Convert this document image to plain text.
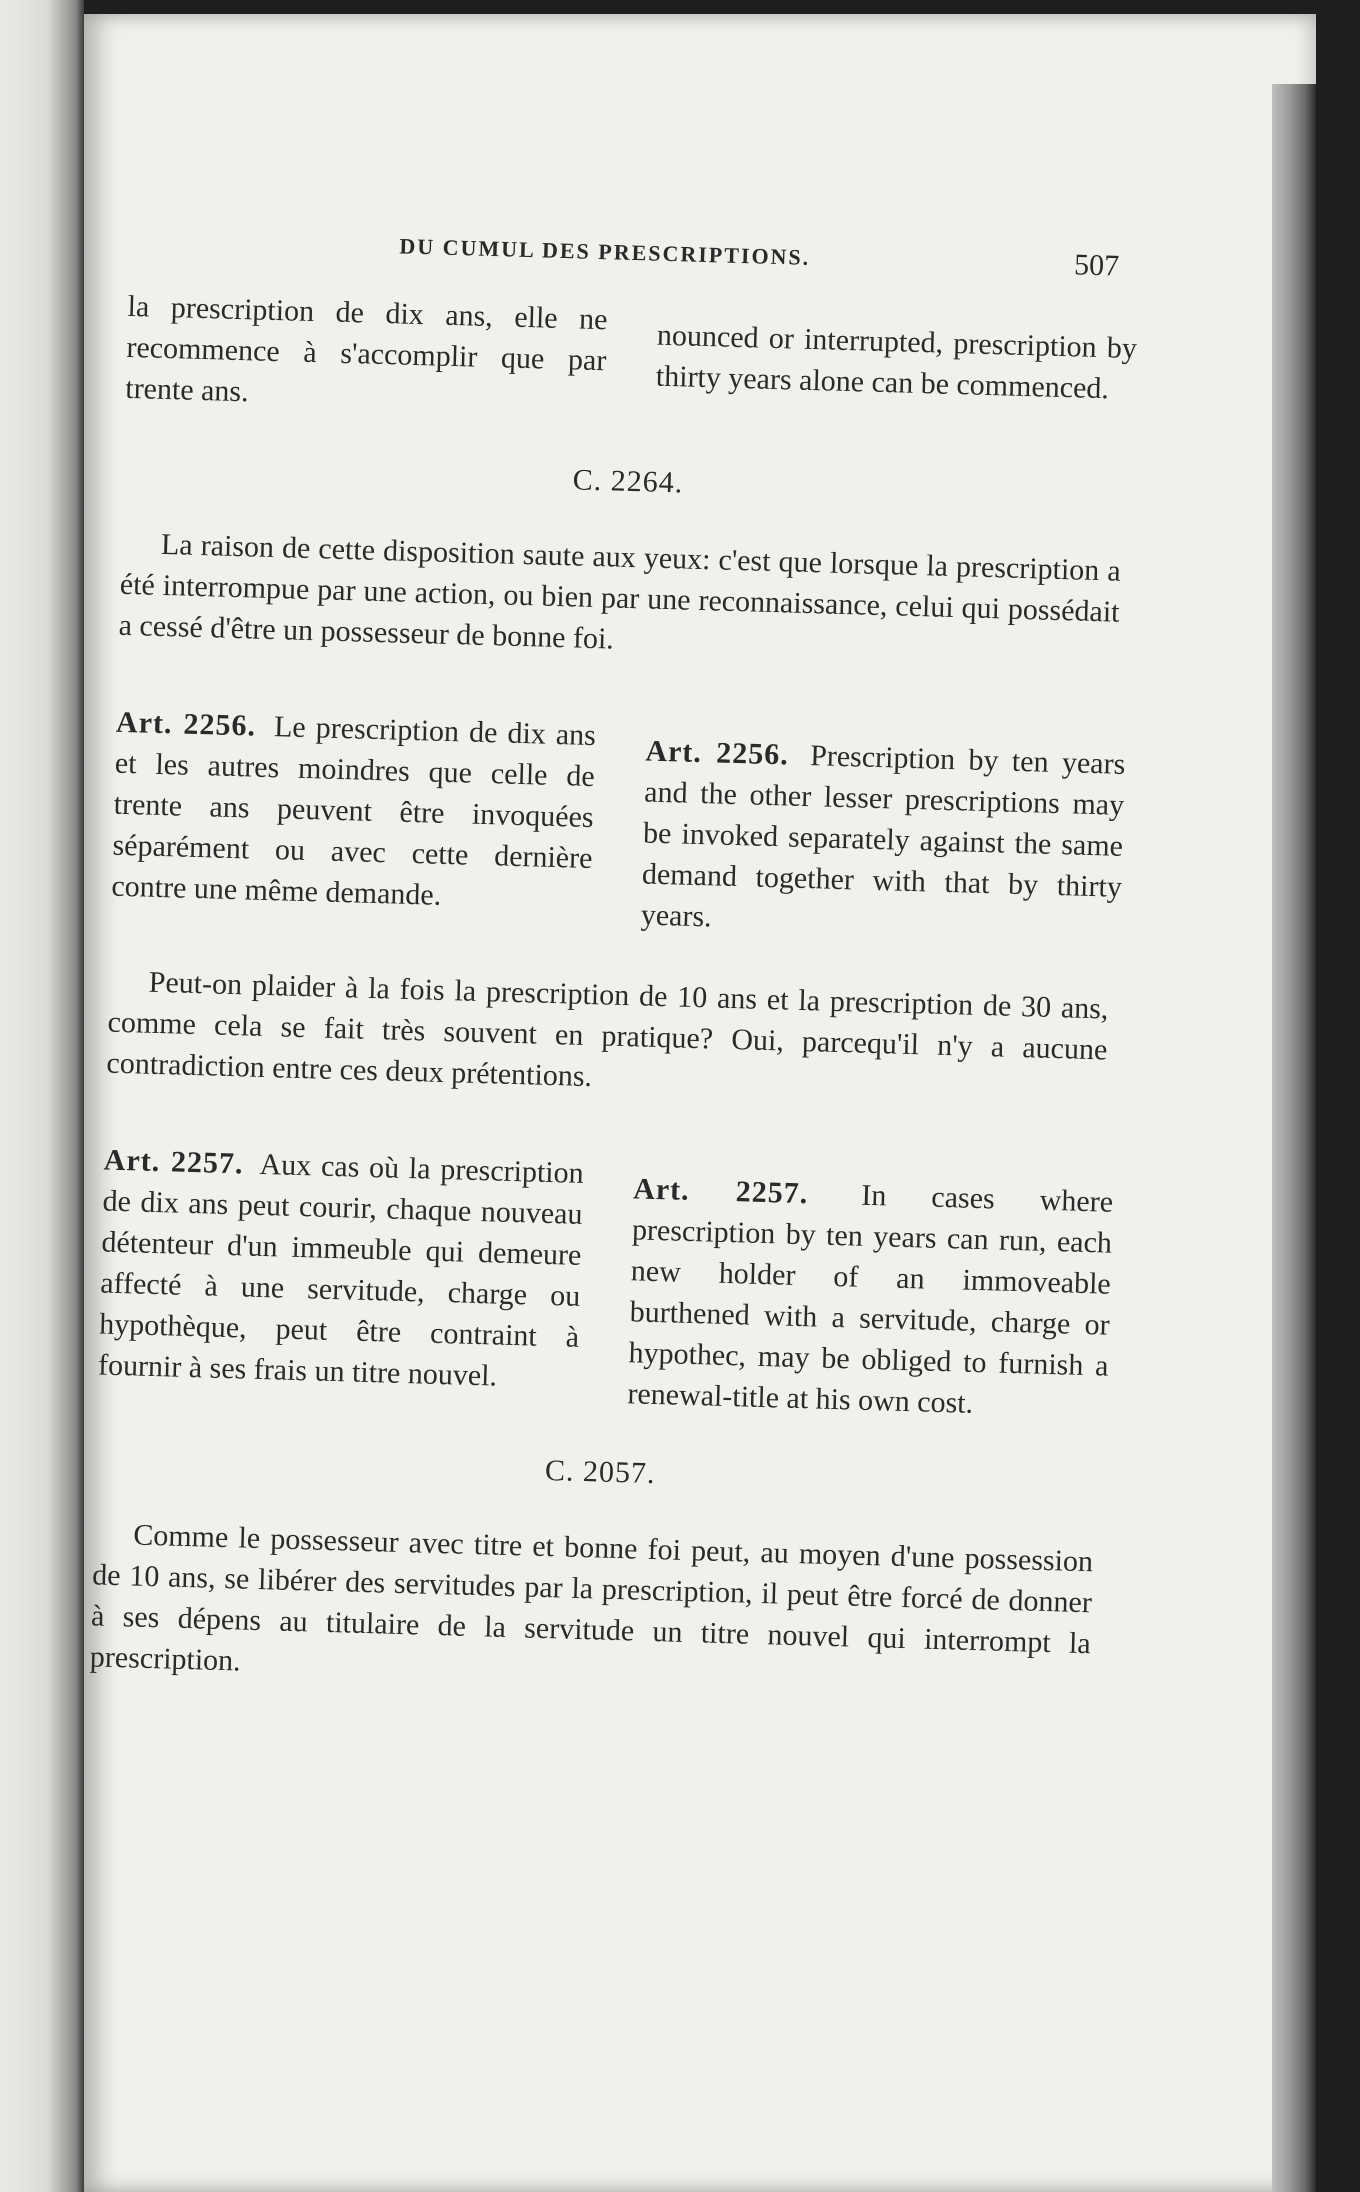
DU CUMUL DES PRESCRIPTIONS.	507
la prescription de dix ans, elle ne recommence à s'accomplir que par trente ans.
nounced or interrupted, prescription by thirty years alone can be commenced.
C. 2264.
La raison de cette disposition saute aux yeux: c'est que lorsque la prescription a été interrompue par une action, ou bien par une reconnaissance, celui qui possédait a cessé d'être un possesseur de bonne foi.
Art. 2256. Le prescription de dix ans et les autres moindres que celle de trente ans peuvent être invoquées séparément ou avec cette dernière contre une même demande.
Art. 2256. Prescription by ten years and the other lesser prescriptions may be invoked separately against the same demand together with that by thirty years.
Peut-on plaider à la fois la prescription de 10 ans et la prescription de 30 ans, comme cela se fait très souvent en pratique? Oui, parcequ'il n'y a aucune contradiction entre ces deux prétentions.
Art. 2257. Aux cas où la prescription de dix ans peut courir, chaque nouveau détenteur d'un immeuble qui demeure affecté à une servitude, charge ou hypothèque, peut être contraint à fournir à ses frais un titre nouvel.
Art. 2257. In cases where prescription by ten years can run, each new holder of an immoveable burthened with a servitude, charge or hypothec, may be obliged to furnish a renewal-title at his own cost.
C. 2057.
Comme le possesseur avec titre et bonne foi peut, au moyen d'une possession de 10 ans, se libérer des servitudes par la prescription, il peut être forcé de donner à ses dépens au titulaire de la servitude un titre nouvel qui interrompt la prescription.
